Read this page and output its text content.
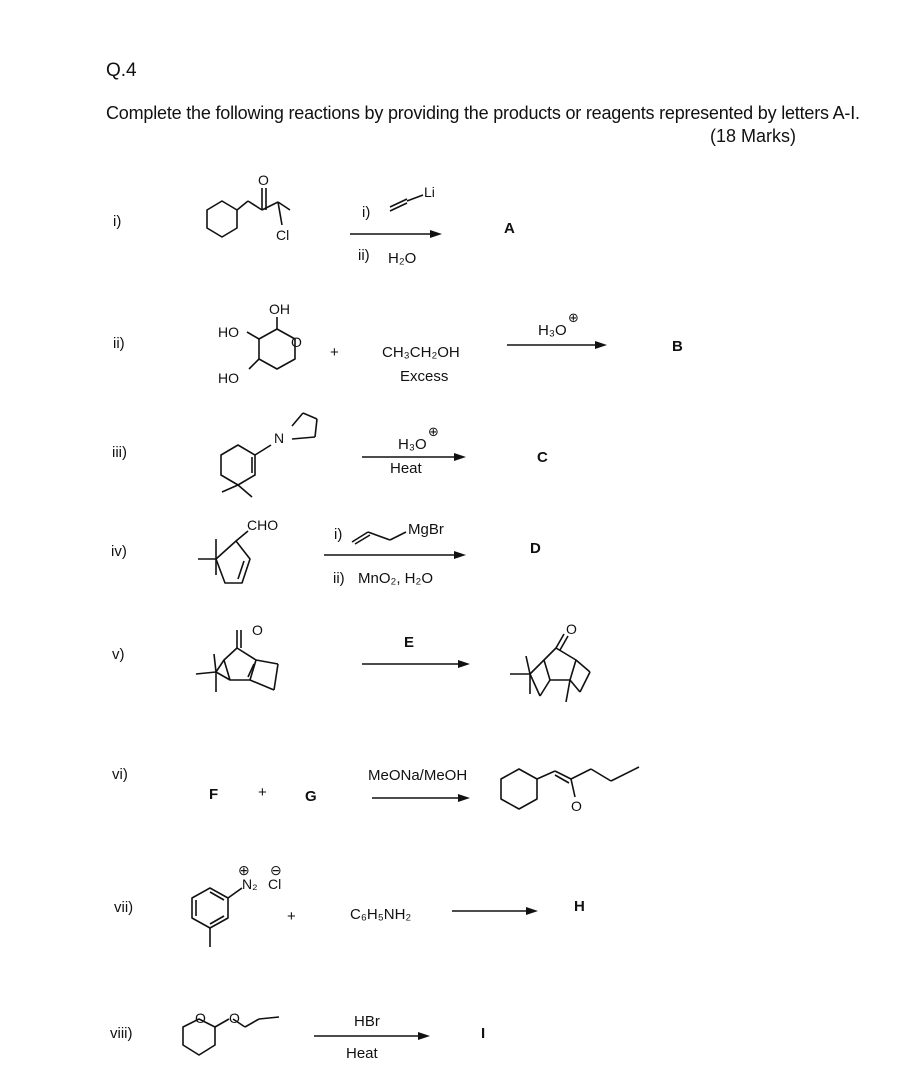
Q.4
Complete the following reactions by providing the products or reagents represented by letters A-I.
(18 Marks)
i)
O
Cl
i)
Li
ii) H₂O
A
ii)
OH
HO
O
HO
+	CH₃CH₂OH
Excess
H₃O
⊕
B
iii)
N	H₃O
⊕
Heat
C
iv)
CHO
i)	MgBr
ii) MnO₂, H₂O
D
v)
O
E
O
vi)
F	+	G
MeONa/MeOH
O
vii)
⊕ ⊖
N₂ Cl
+	C₆H₅NH₂	H
viii)
O O	HBr
Heat
I
